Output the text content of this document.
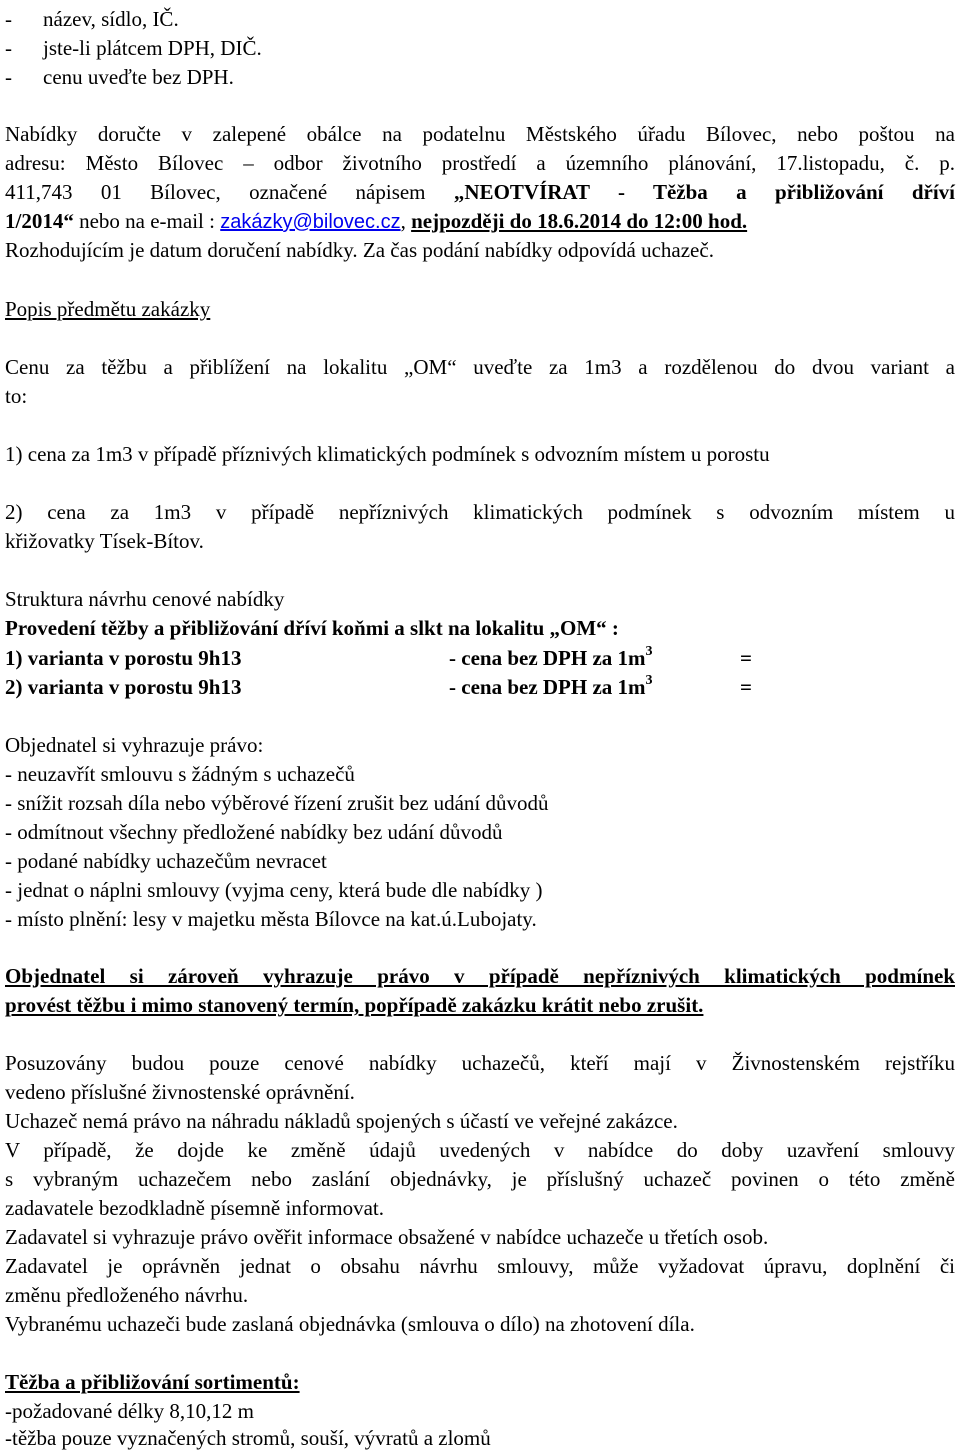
- název, sídlo, IČ.

- jste-li plátcem DPH, DIČ.

- cenu uveďte bez DPH.

Nabídky doručte v zalepené obálce na podatelnu Městského úřadu Bílovec, nebo poštou na

adresu: Město Bílovec – odbor životního prostředí a územního plánování, 17.listopadu, č. p.

411,743 01 Bílovec, označené nápisem „NEOTVÍRAT - Těžba a přibližování dříví

1/2014“ nebo na e-mail : zakázky@bilovec.cz, nejpozději do 18.6.2014 do 12:00 hod.

Rozhodujícím je datum doručení nabídky. Za čas podání nabídky odpovídá uchazeč.

Popis předmětu zakázky

Cenu za těžbu a přiblížení na lokalitu „OM“ uveďte za 1m3 a rozdělenou do dvou variant a

to:

1) cena za 1m3 v případě příznivých klimatických podmínek s odvozním místem u porostu

2) cena za 1m3 v případě nepříznivých klimatických podmínek s odvozním místem u

křižovatky Tísek-Bítov.

Struktura návrhu cenové nabídky

Provedení těžby a přibližování dříví koňmi a slkt na lokalitu „OM“ :

1) varianta v porostu 9h13	- cena bez DPH za $1m^3$	=

2) varianta v porostu 9h13	- cena bez DPH za $1m^3$	=

Objednatel si vyhrazuje právo:

- neuzavřít smlouvu s žádným s uchazečů

- snížit rozsah díla nebo výběrové řízení zrušit bez udání důvodů

- odmítnout všechny předložené nabídky bez udání důvodů

- podané nabídky uchazečům nevracet

- jednat o náplni smlouvy (vyjma ceny, která bude dle nabídky )

- místo plnění: lesy v majetku města Bílovce na kat.ú.Lubojaty.

Objednatel si zároveň vyhrazuje právo v případě nepříznivých klimatických podmínek

provést těžbu i mimo stanovený termín, popřípadě zakázku krátit nebo zrušit.

Posuzovány budou pouze cenové nabídky uchazečů, kteří mají v Živnostenském rejstříku

vedeno příslušné živnostenské oprávnění.

Uchazeč nemá právo na náhradu nákladů spojených s účastí ve veřejné zakázce.

V případě, že dojde ke změně údajů uvedených v nabídce do doby uzavření smlouvy

s vybraným uchazečem nebo zaslání objednávky, je příslušný uchazeč povinen o této změně

zadavatele bezodkladně písemně informovat.

Zadavatel si vyhrazuje právo ověřit informace obsažené v nabídce uchazeče u třetích osob.

Zadavatel je oprávněn jednat o obsahu návrhu smlouvy, může vyžadovat úpravu, doplnění či

změnu předloženého návrhu.

Vybranému uchazeči bude zaslaná objednávka (smlouva o dílo) na zhotovení díla.

Těžba a přibližování sortimentů:

-požadované délky 8,10,12 m

-těžba pouze vyznačených stromů, souší, vývratů a zlomů
